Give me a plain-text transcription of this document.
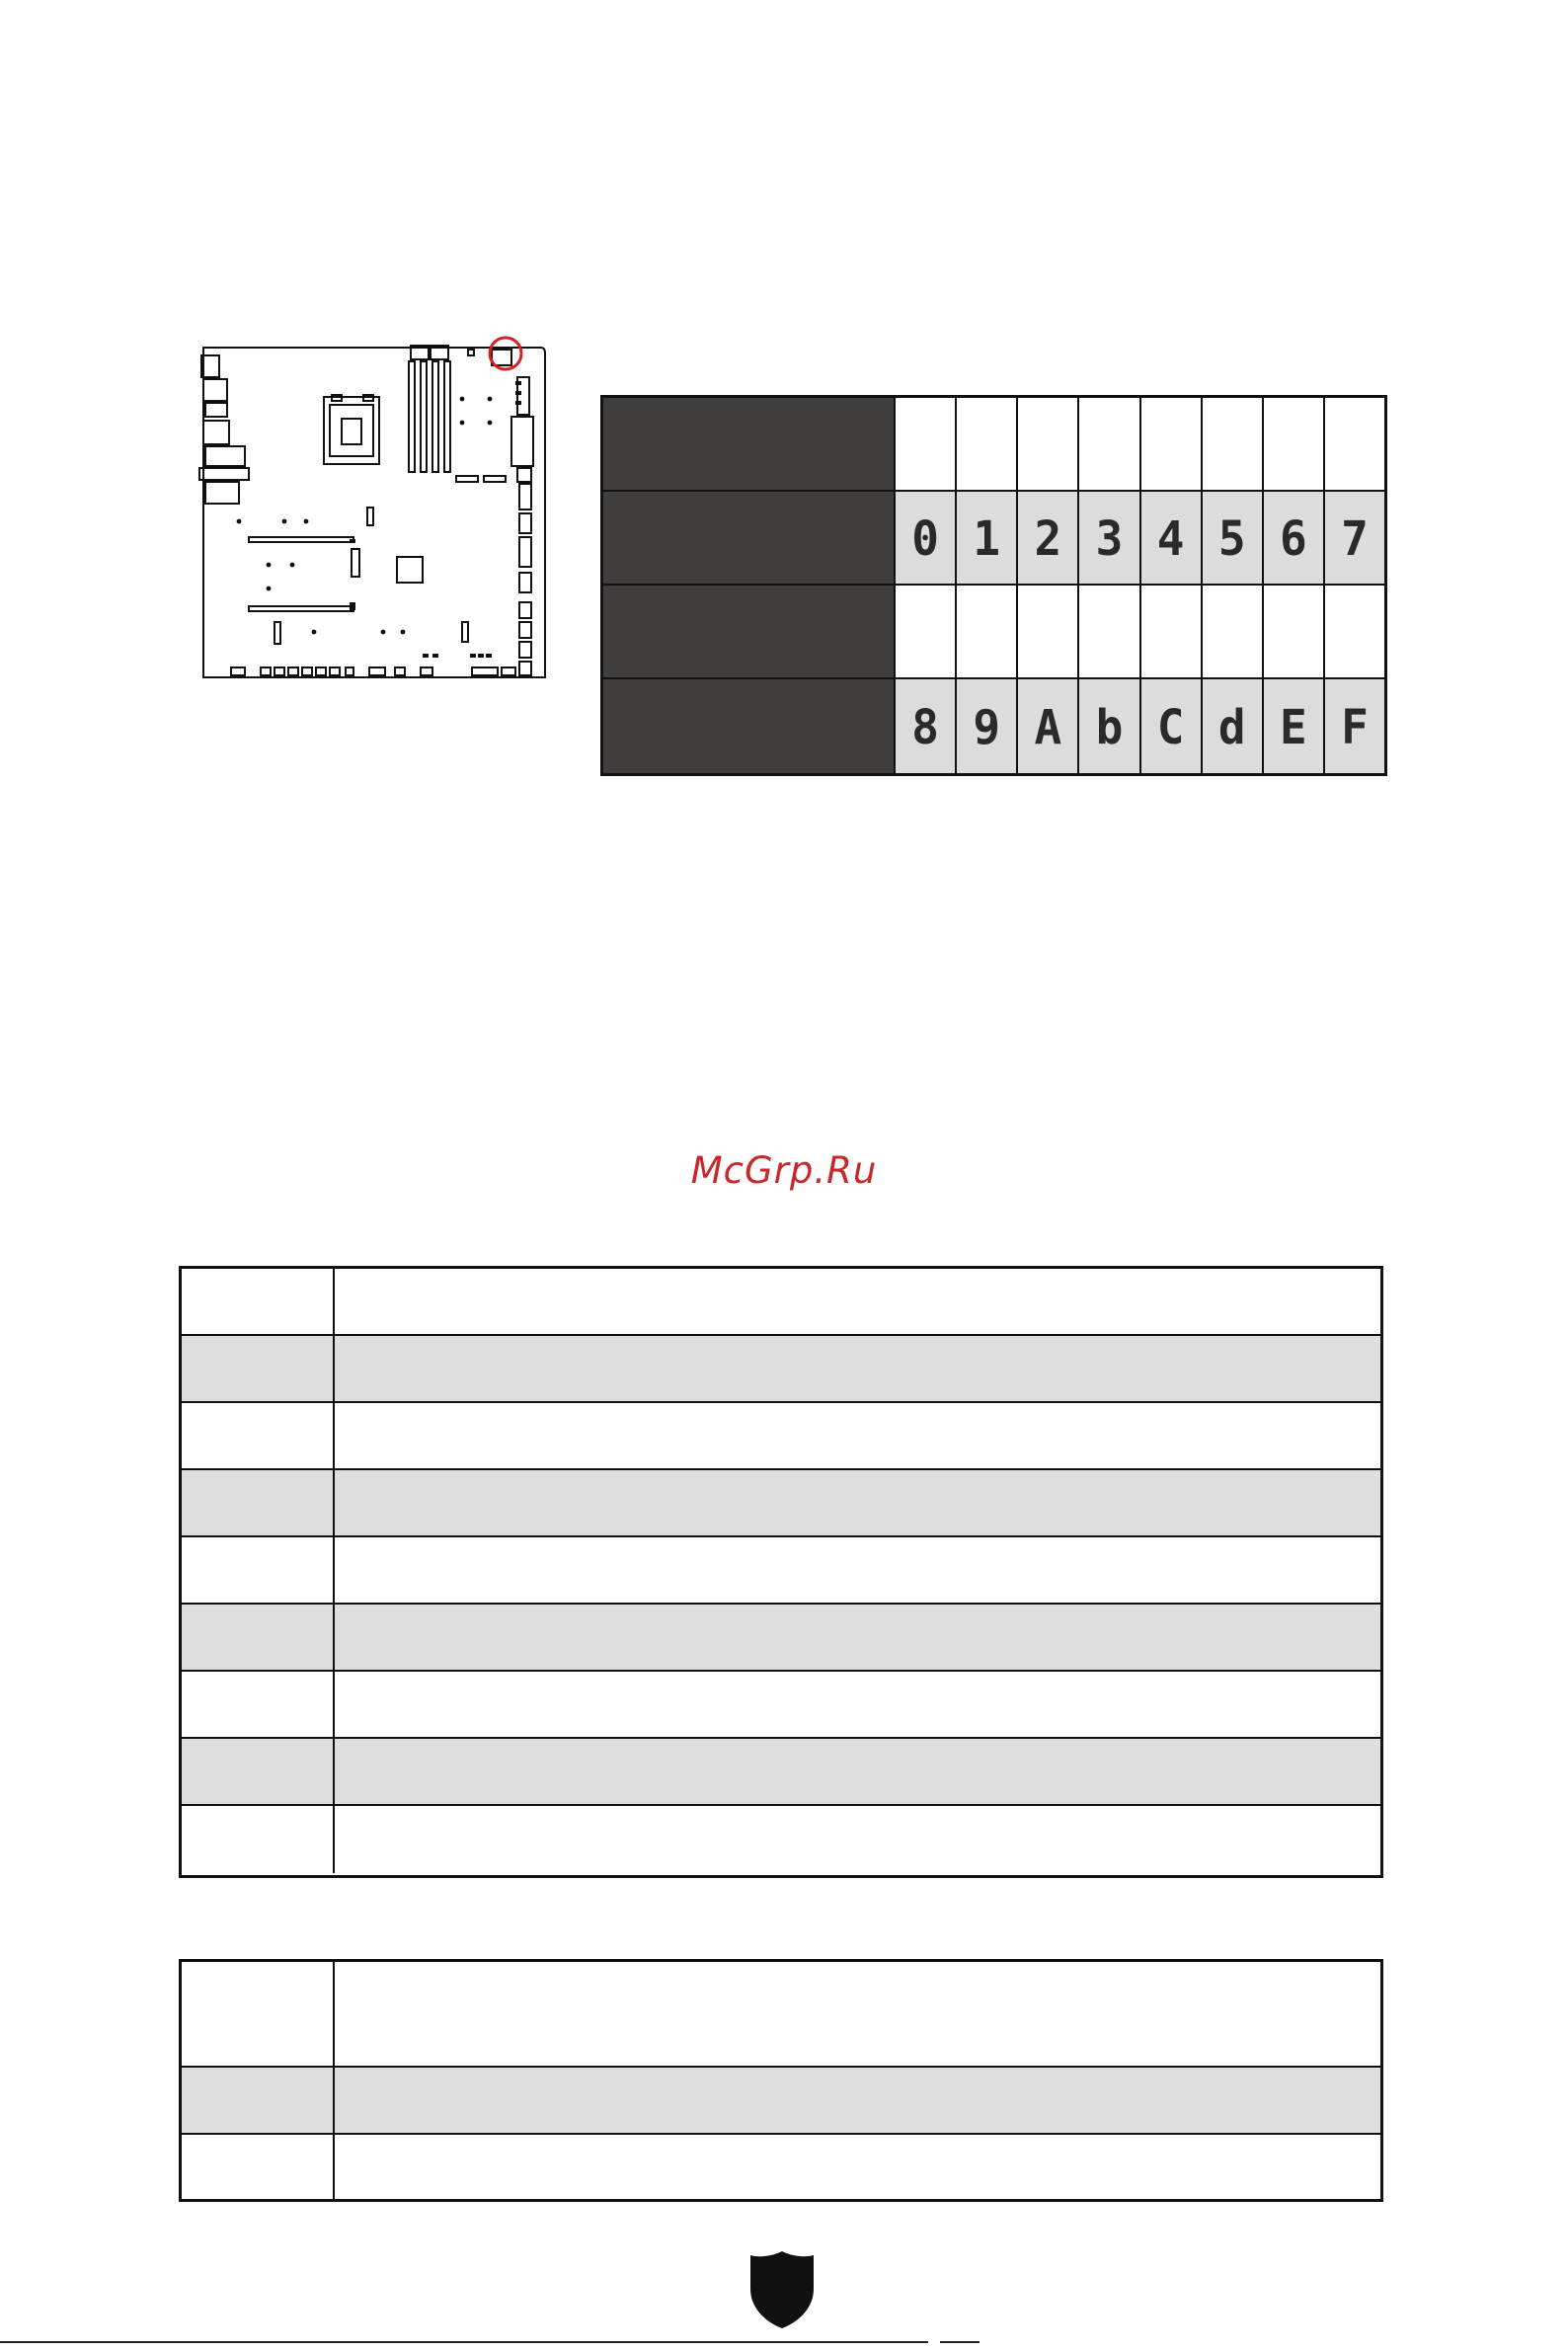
0 1 2 3 4 5 6 7
8 9 A b C d E F
McGrp.Ru
